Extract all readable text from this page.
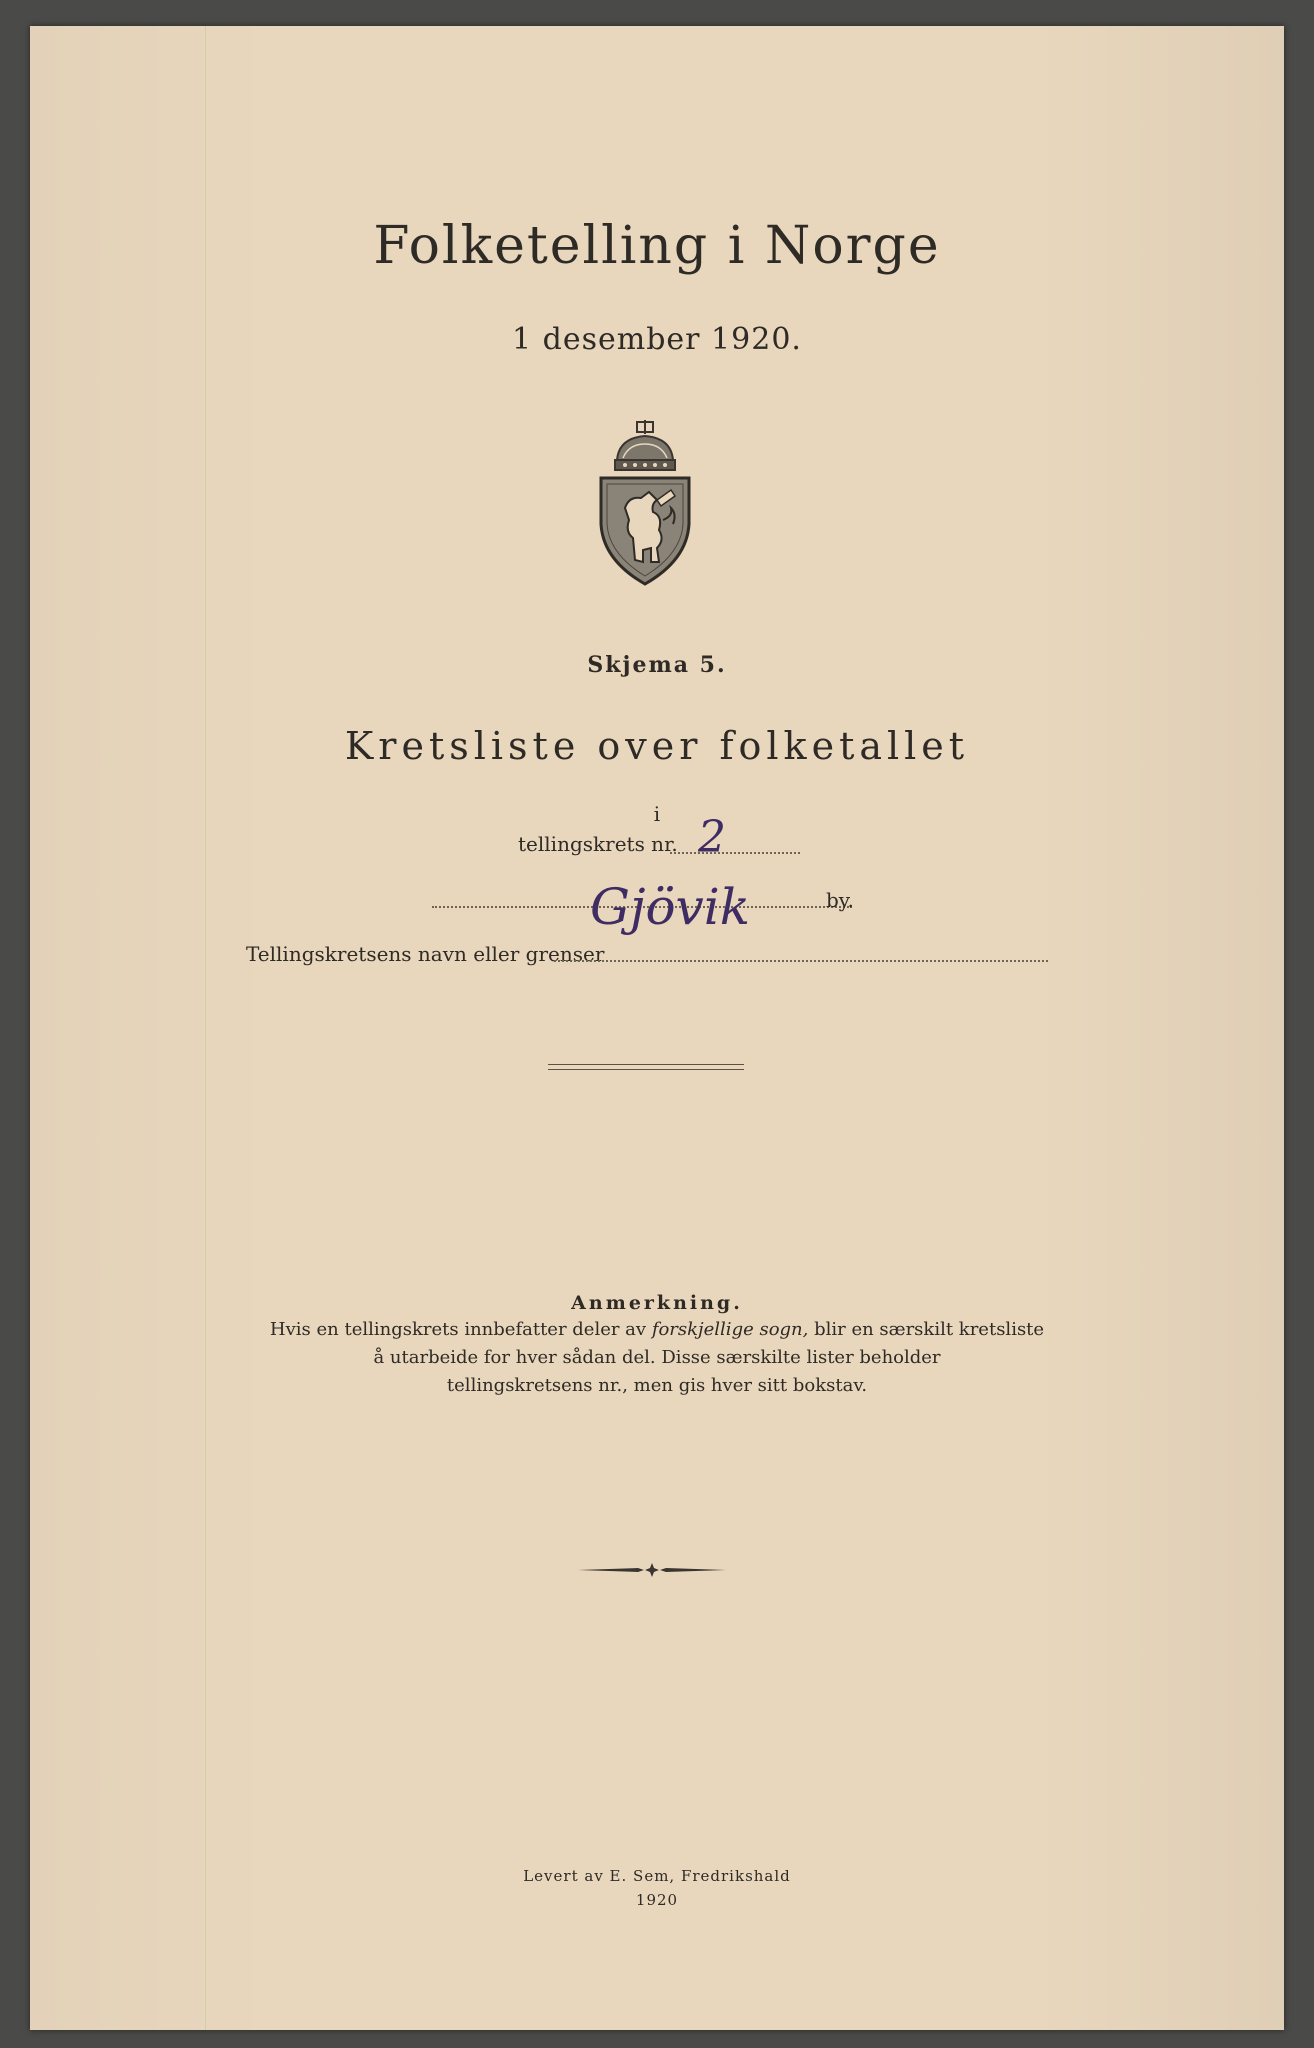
Folketelling i Norge
1 desember 1920.
Skjema 5.
Kretsliste over folketallet
i
tellingskrets nr. 2
Gjövik	by.
Tellingskretsens navn eller grenser
Anmerkning.
Hvis en tellingskrets innbefatter deler av forskjellige sogn, blir en særskilt kretsliste
å utarbeide for hver sådan del. Disse særskilte lister beholder
tellingskretsens nr., men gis hver sitt bokstav.
Levert av E. Sem, Fredrikshald
1920
